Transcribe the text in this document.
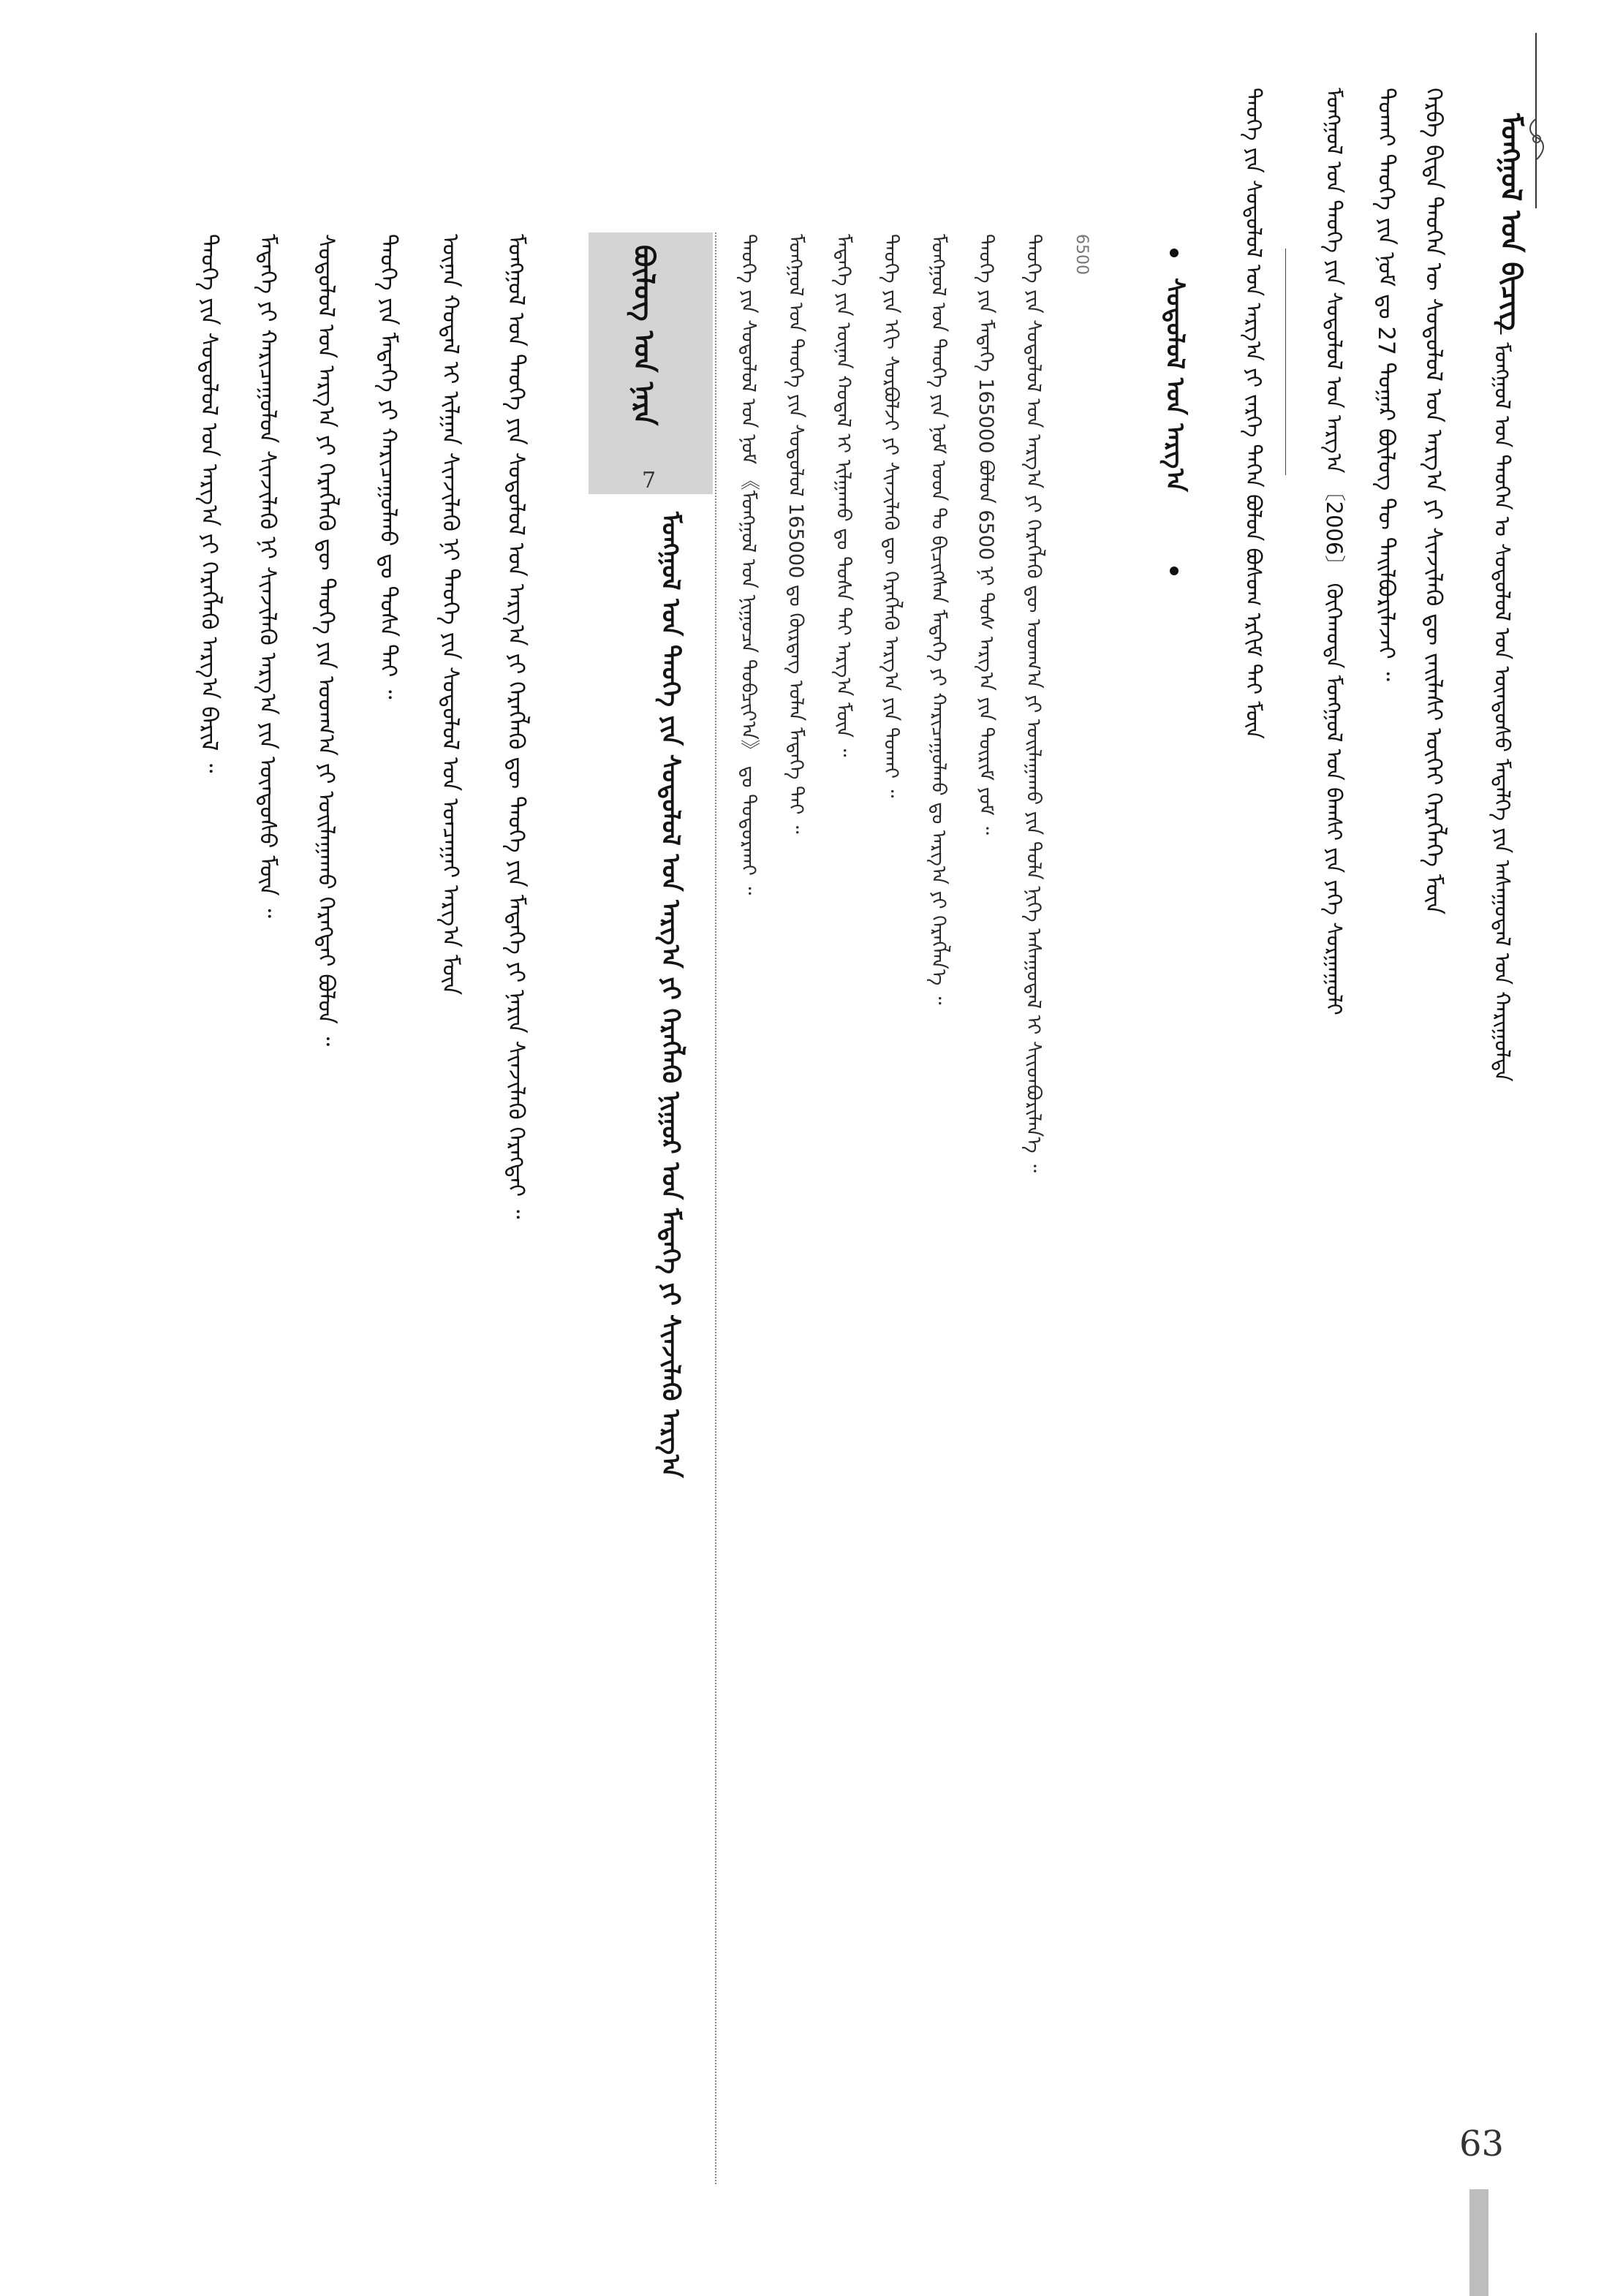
ᠮᠣᠩᠭᠣᠯ ᠤᠨ ᠪᠢᠴᠢᠭ
— ᠮᠣᠩᠭᠣᠯ ᠤᠨ ᠲᠡᠦᠬᠡᠨ ᠤ ᠰᠤᠳᠤᠯᠤᠯ ᠤᠨ ᠦᠨᠳᠦᠰᠦ ᠮᠡᠳᠡᠯᠭᠡ ᠶᠢᠨ ᠠᠰᠠᠭᠤᠳᠠᠯ ᠤᠨ ᠬᠠᠷᠢᠭᠤᠯᠲᠠ
ᠬᠡᠷᠪᠡ ᠪᠢᠳᠡ ᠲᠡᠦᠬᠡᠨ ᠦ ᠰᠤᠳᠤᠯᠤᠯ ᠤᠨ ᠠᠷᠭ᠎ᠠ ᠶᠢ ᠰᠢᠨᠵᠢᠯᠡᠬᠦ ᠳᠦ ᠵᠠᠢᠯᠠᠰᠢ ᠦᠭᠡᠢ ᠬᠡᠷᠡᠭᠯᠡᠭᠡ ᠮᠥᠨ
ᠲᠤᠬᠠᠢ ᠲᠡᠦᠬᠡ ᠶᠢᠨ ᠨᠣᠮ ᠳᠤ 27 ᠳᠤᠭᠠᠷ ᠪᠦᠯᠦᠭ ᠲᠦ ᠲᠠᠢᠯᠪᠤᠷᠢᠯᠠᠵᠠᠢ ᠃
ᠮᠣᠩᠭᠣᠯ ᠤᠨ ᠲᠡᠦᠬᠡ ᠶᠢᠨ ᠰᠤᠳᠤᠯᠤᠯ ᠤᠨ ᠠᠷᠭ᠎ᠠ 〔2006〕 ᠬᠥᠬᠡᠬᠣᠲᠠ ᠮᠣᠩᠭᠣᠯ ᠤᠨ ᠪᠠᠭᠰᠢ ᠶᠢᠨ ᠶᠡᠬᠡ ᠰᠤᠷᠭᠠᠭᠤᠯᠢ
ᠲᠡᠦᠬᠡ ᠶᠢᠨ ᠰᠤᠳᠤᠯᠤᠯ ᠤᠨ ᠠᠷᠭ᠎ᠠ ᠶᠢ ᠵᠡᠷᠭᠡ ᠲᠡᠭᠡᠨ ᠪᠣᠯᠤᠨ ᠪᠣᠰᠤᠭ ᠡᠷᠬᠢᠮ ᠲᠠᠢ ᠮᠥᠨ
ᠰᠤᠳᠤᠯᠤᠯ ᠤᠨ ᠠᠷᠭ᠎ᠠ
6500
ᠲᠡᠦᠬᠡ ᠶᠢᠨ ᠰᠤᠳᠤᠯᠤᠯ ᠤᠨ ᠠᠷᠭ᠎ᠠ ᠶᠢ ᠬᠡᠷᠡᠭᠯᠡᠬᠦ ᠳᠦ ᠤᠳᠬ᠎ᠠ ᠶᠢ ᠣᠢᠯᠠᠭᠠᠬᠤ ᠶᠢᠨ ᠲᠤᠯᠠ ᠨᠢᠭᠡ ᠠᠰᠠᠭᠤᠳᠠᠯ ᠢ ᠰᠢᠢᠳᠪᠦᠷᠢᠯᠡᠨ᠎ᠡ ᠃
ᠲᠡᠦᠬᠡ ᠶᠢᠨ ᠮᠡᠳᠡᠭᠡ 165000 ᠪᠣᠯᠤᠨ 6500 ᠨᠢ ᠲᠤᠰ ᠠᠷᠭ᠎ᠠ ᠶᠢᠨ ᠳᠦᠷᠢᠮ ᠶᠤᠮ ᠃
ᠮᠣᠩᠭᠣᠯ ᠤᠨ ᠲᠡᠦᠬᠡ ᠶᠢᠨ ᠨᠣᠮ ᠤᠳ ᠲᠤ ᠪᠢᠴᠢᠭᠰᠡᠨ ᠮᠡᠳᠡᠭᠡ ᠶᠢ ᠬᠠᠷᠢᠴᠠᠭᠤᠯᠬᠤ ᠳᠤ ᠠᠷᠭ᠎ᠠ ᠶᠢ ᠬᠡᠷᠡᠭᠯᠡᠨ᠎ᠡ ᠃
ᠲᠡᠦᠬᠡ ᠶᠢᠨ ᠡᠬᠢ ᠰᠤᠷᠪᠤᠯᠵᠢ ᠶᠢ ᠰᠢᠨᠵᠢᠯᠡᠬᠦ ᠳᠦ ᠬᠡᠷᠡᠭᠯᠡᠬᠦ ᠠᠷᠭ᠎ᠠ ᠶᠢᠨ ᠲᠤᠬᠠᠢ ᠃
ᠮᠡᠳᠡᠭᠡ ᠶᠢᠨ ᠦᠨᠡᠨ ᠬᠣᠳᠠᠯ ᠢ ᠢᠯᠭᠠᠬᠤ ᠳᠤ ᠲᠤᠰᠠ ᠲᠠᠢ ᠠᠷᠭ᠎ᠠ ᠮᠥᠨ ᠃
ᠮᠣᠩᠭᠣᠯ ᠤᠨ ᠲᠡᠦᠬᠡ ᠶᠢᠨ ᠰᠤᠳᠤᠯᠤᠯ 165000 ᠳᠤ ᠬᠦᠷᠳᠡᠭ ᠣᠯᠠᠨ ᠮᠡᠳᠡᠭᠡ ᠲᠡᠢ ᠃
ᠲᠡᠦᠬᠡ ᠶᠢᠨ ᠰᠤᠳᠤᠯᠤᠯ ᠤᠨ ᠨᠣᠮ 《ᠮᠣᠩᠭᠣᠯ ᠤᠨ ᠨᠢᠭᠤᠴᠠ ᠲᠣᠪᠴᠢᠶ᠎ᠠ》 ᠳᠤ ᠲᠣᠳᠣᠷᠬᠠᠢ ᠃
ᠪᠦᠯᠦᠭ ᠤᠨ ᠨᠡᠷᠡ
7
ᠮᠣᠩᠭᠣᠯ ᠤᠨ ᠲᠡᠦᠬᠡ ᠶᠢᠨ ᠰᠤᠳᠤᠯᠤᠯ ᠤᠨ ᠠᠷᠭ᠎ᠠ ᠶᠢ ᠬᠡᠷᠡᠭᠯᠡᠬᠦ ᠨᠢᠭᠤᠷ ᠤᠨ ᠮᠡᠳᠡᠭᠡ ᠶᠢ ᠰᠢᠨᠵᠢᠯᠡᠬᠦ ᠠᠷᠭ᠎ᠠ
ᠮᠣᠩᠭᠣᠯ ᠤᠨ ᠲᠡᠦᠬᠡ ᠶᠢᠨ ᠰᠤᠳᠤᠯᠤᠯ ᠤᠨ ᠠᠷᠭ᠎ᠠ ᠶᠢ ᠬᠡᠷᠡᠭᠯᠡᠬᠦ ᠳᠦ ᠲᠡᠦᠬᠡ ᠶᠢᠨ ᠮᠡᠳᠡᠭᠡ ᠶᠢ ᠨᠠᠷᠢᠨ ᠰᠢᠨᠵᠢᠯᠡᠬᠦ ᠬᠡᠷᠡᠭᠲᠡᠢ ᠃
ᠦᠨᠡᠨ ᠬᠣᠳᠠᠯ ᠢ ᠢᠯᠭᠠᠨ ᠰᠢᠨᠵᠢᠯᠡᠬᠦ ᠨᠢ ᠲᠡᠦᠬᠡ ᠶᠢᠨ ᠰᠤᠳᠤᠯᠤᠯ ᠤᠨ ᠤᠨᠴᠠᠭᠠᠢ ᠠᠷᠭ᠎ᠠ ᠮᠥᠨ
ᠲᠡᠦᠬᠡ ᠶᠢᠨ ᠮᠡᠳᠡᠭᠡ ᠶᠢ ᠬᠠᠷᠢᠴᠠᠭᠤᠯᠬᠤ ᠳᠤ ᠲᠤᠰᠠ ᠲᠠᠢ ᠃
ᠰᠤᠳᠤᠯᠤᠯ ᠤᠨ ᠠᠷᠭ᠎ᠠ ᠶᠢ ᠬᠡᠷᠡᠭᠯᠡᠬᠦ ᠳᠦ ᠲᠡᠦᠬᠡ ᠶᠢᠨ ᠤᠳᠬ᠎ᠠ ᠶᠢ ᠣᠢᠯᠠᠭᠠᠬᠤ ᠬᠡᠷᠡᠭᠲᠡᠢ ᠪᠣᠯᠤᠨ ᠃
ᠮᠡᠳᠡᠭᠡ ᠶᠢ ᠬᠠᠷᠢᠴᠠᠭᠤᠯᠤᠨ ᠰᠢᠨᠵᠢᠯᠡᠬᠦ ᠨᠢ ᠰᠢᠨᠵᠢᠯᠡᠬᠦ ᠠᠷᠭ᠎ᠠ ᠶᠢᠨ ᠦᠨᠳᠦᠰᠦ ᠮᠥᠨ ᠃
ᠲᠡᠦᠬᠡ ᠶᠢᠨ ᠰᠤᠳᠤᠯᠤᠯ ᠤᠨ ᠠᠷᠭ᠎ᠠ ᠶᠢ ᠬᠡᠷᠡᠭᠯᠡᠬᠦ ᠠᠷᠭ᠎ᠠ ᠪᠠᠷᠢᠯ ᠃
63
